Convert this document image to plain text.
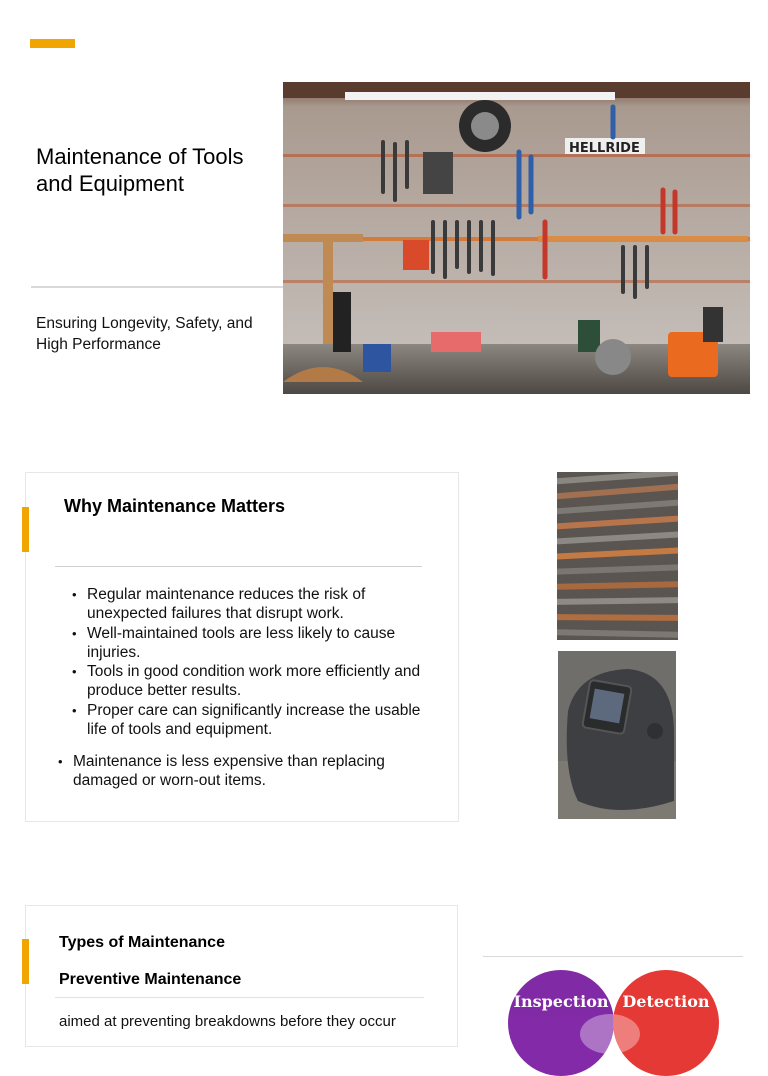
Maintenance of Tools and Equipment

Ensuring Longevity, Safety, and High Performance

HELLRIDE
Why Maintenance Matters
• Regular maintenance reduces the risk of unexpected failures that disrupt work.
• Well-maintained tools are less likely to cause injuries.
• Tools in good condition work more efficiently and produce better results.
• Proper care can significantly increase the usable life of tools and equipment.

• Maintenance is less expensive than replacing damaged or worn-out items.

Types of Maintenance
Preventive Maintenance

aimed at preventing breakdowns before they occur

Inspection Detection
